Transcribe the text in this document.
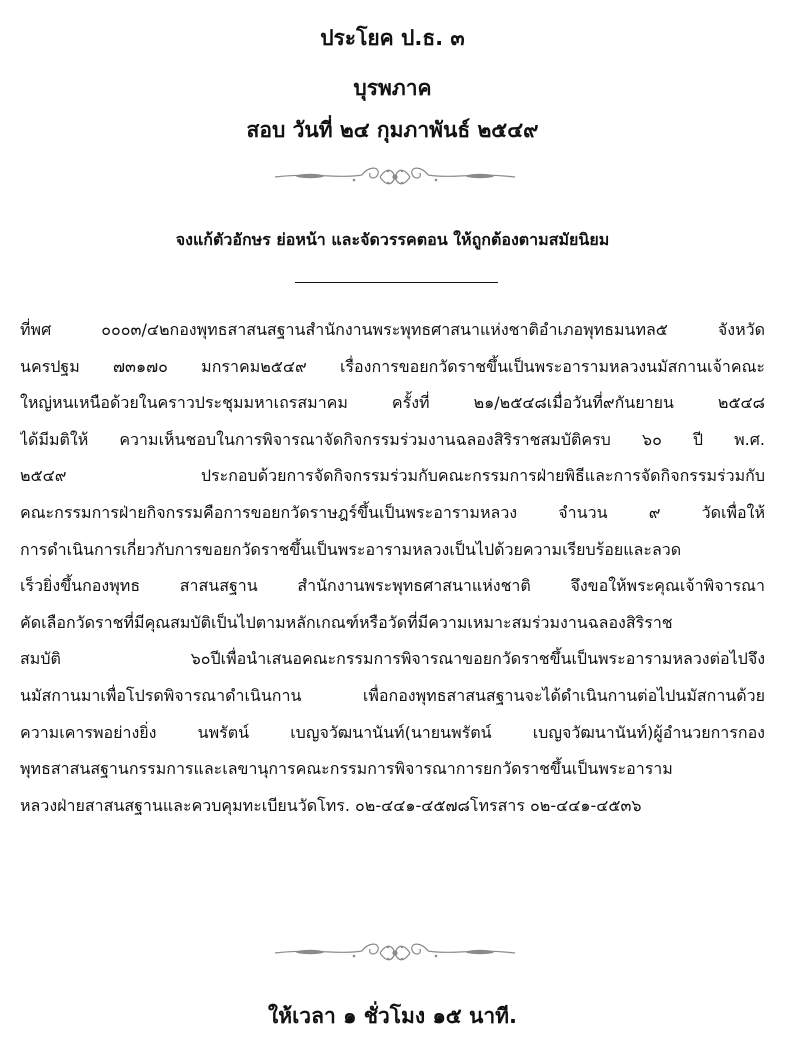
ประโยค ป.ธ. ๓
บุรพภาค
สอบ วันที่ ๒๔ กุมภาพันธ์ ๒๕๔๙
จงแก้ตัวอักษร ย่อหน้า และจัดวรรคตอน ให้ถูกต้องตามสมัยนิยม
ที่พศ ๐๐๐๓/๔๒กองพุทธสาสนสฐานสำนักงานพระพุทธศาสนาแห่งชาติอำเภอพุทธมนทล๕ จังหวัด
นครปฐม ๗๓๑๗๐ มกราคม๒๕๔๙ เรื่องการขอยกวัดราชขึ้นเป็นพระอารามหลวงนมัสกานเจ้าคณะ
ใหญ่หนเหนือด้วยในคราวประชุมมหาเถรสมาคม ครั้งที่ ๒๑/๒๕๔๘เมื่อวันที่๙กันยายน ๒๕๔๘
ได้มีมติให้ ความเห็นชอบในการพิจารณาจัดกิจกรรมร่วมงานฉลองสิริราชสมบัติครบ ๖๐ ปี พ.ศ.
๒๕๔๙ ประกอบด้วยการจัดกิจกรรมร่วมกับคณะกรรมการฝ่ายพิธีและการจัดกิจกรรมร่วมกับ
คณะกรรมการฝ่ายกิจกรรมคือการขอยกวัดราษฎร์ขึ้นเป็นพระอารามหลวง จำนวน ๙ วัดเพื่อให้
การดำเนินการเกี่ยวกับการขอยกวัดราชขึ้นเป็นพระอารามหลวงเป็นไปด้วยความเรียบร้อยและลวด
เร็วยิ่งขึ้นกองพุทธ สาสนสฐาน สำนักงานพระพุทธศาสนาแห่งชาติ จึงขอให้พระคุณเจ้าพิจารณา
คัดเลือกวัดราชที่มีคุณสมบัติเป็นไปตามหลักเกณฑ์หรือวัดที่มีความเหมาะสมร่วมงานฉลองสิริราช
สมบัติ ๖๐ปีเพื่อนำเสนอคณะกรรมการพิจารณาขอยกวัดราชขึ้นเป็นพระอารามหลวงต่อไปจึง
นมัสกานมาเพื่อโปรดพิจารณาดำเนินกาน เพื่อกองพุทธสาสนสฐานจะได้ดำเนินกานต่อไปนมัสกานด้วย
ความเคารพอย่างยิ่ง นพรัตน์ เบญจวัฒนานันท์(นายนพรัตน์ เบญจวัฒนานันท์)ผู้อำนวยการกอง
พุทธสาสนสฐานกรรมการและเลขานุการคณะกรรมการพิจารณาการยกวัดราชขึ้นเป็นพระอาราม
หลวงฝ่ายสาสนสฐานและควบคุมทะเบียนวัดโทร. ๐๒-๔๔๑-๔๕๗๘โทรสาร ๐๒-๔๔๑-๔๕๓๖
ให้เวลา ๑ ชั่วโมง ๑๕ นาที.
